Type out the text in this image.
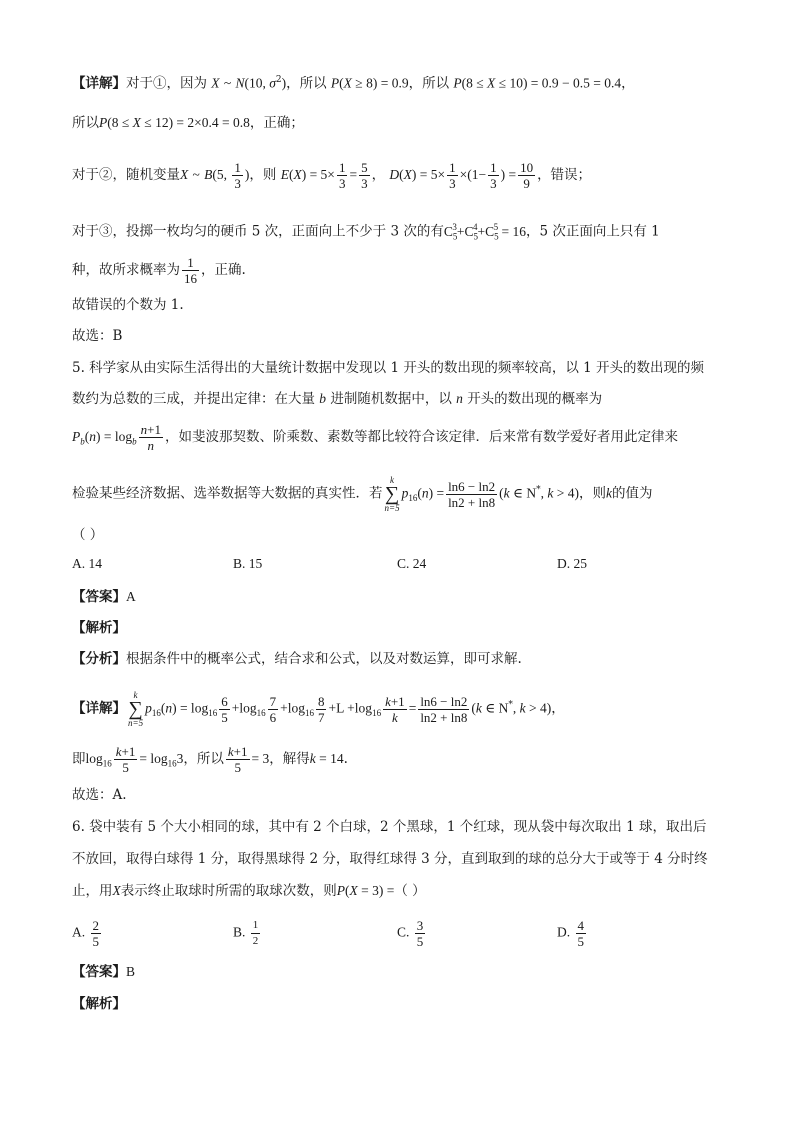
【详解】对于①，因为 X ~ N(10, $\sigma^2$)，所以 P(X ≥ 8) = 0.9，所以 P(8 ≤ X ≤ 10) = 0.9 − 0.5 = 0.4，
所以P(8 ≤ X ≤ 12) = 2×0.4 = 0.8，正确；
对于②，随机变量X ~ B(5, $\frac{1}{3}$ )，则 $E(X) = 5\times \frac{1}{3} = \frac{5}{3}$ ， $D(X) = 5\times \frac{1}{3} \times(1- \frac{1}{3}$ ) = $\frac{10}{9}$ ，错误；
对于③，投掷一枚均匀的硬币 5 次，正面向上不少于 3 次的有$C_5^3+C_5^4+C_5^5 = 16$，5 次正面向上只有 1
种，故所求概率为 $\frac{1}{16}$ ，正确.
故错误的个数为 1.
故选：B
5. 科学家从由实际生活得出的大量统计数据中发现以 1 开头的数出现的频率较高，以 1 开头的数出现的频
数约为总数的三成，并提出定律：在大量 b 进制随机数据中，以 n 开头的数出现的概率为
$P_b(n) = \log_b \frac{n+1}{n}$ ，如斐波那契数、阶乘数、素数等都比较符合该定律．后来常有数学爱好者用此定律来
检验某些经济数据、选举数据等大数据的真实性．若
k
∑
n=5
$p_{16}(n) = \frac{\ln 6 - \ln 2}{\ln 2 + \ln 8} (k$ ∈ N*, k > 4)，则k的值为
（ ）
A. 14	B. 15	C. 24	D. 25
【答案】A
【解析】
【分析】根据条件中的概率公式，结合求和公式，以及对数运算，即可求解.
【详解】
k
∑
n=5
$p_{16}(n) = \log_{16} \frac{6}{5} +\log_{16} \frac{7}{6} +\log_{16} \frac{8}{7} +L +\log_{16} \frac{k+1}{k} = \frac{\ln 6 - \ln 2}{\ln 2 + \ln 8} (k$ ∈ N*, k > 4)，
即$\log_{16} \frac{k+1}{5} = \log_{16}3$，所以 $\frac{k+1}{5} = 3$，解得k = 14.
故选：A.
6. 袋中装有 5 个大小相同的球，其中有 2 个白球，2 个黑球，1 个红球，现从袋中每次取出 1 球，取出后
不放回，取得白球得 1 分，取得黑球得 2 分，取得红球得 3 分，直到取到的球的总分大于或等于 4 分时终
止，用X表示终止取球时所需的取球次数，则P(X = 3) =（ ）
A. $\frac{2}{5}$	B. $\frac{1}{2}$	C. $\frac{3}{5}$	D. $\frac{4}{5}$
【答案】B
【解析】
